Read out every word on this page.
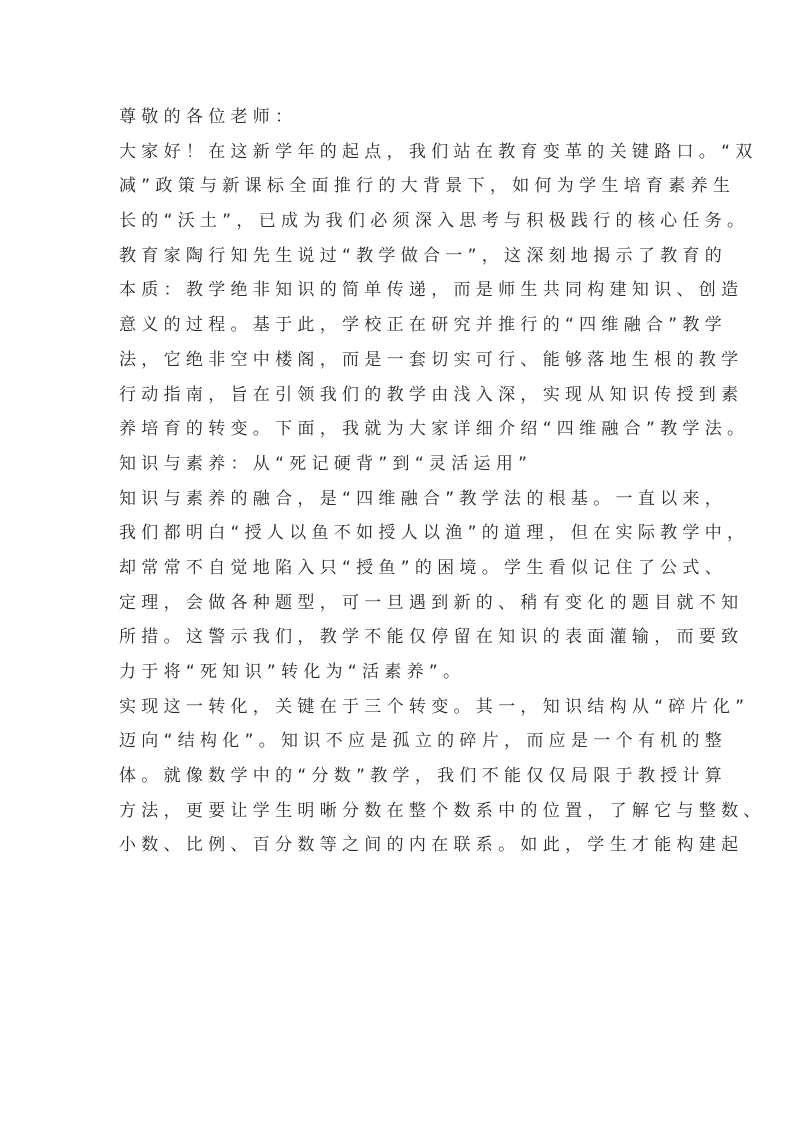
尊敬的各位老师：
大家好！在这新学年的起点，我们站在教育变革的关键路口。“双
减”政策与新课标全面推行的大背景下，如何为学生培育素养生
长的“沃土”，已成为我们必须深入思考与积极践行的核心任务。
教育家陶行知先生说过“教学做合一”，这深刻地揭示了教育的
本质：教学绝非知识的简单传递，而是师生共同构建知识、创造
意义的过程。基于此，学校正在研究并推行的“四维融合”教学
法，它绝非空中楼阁，而是一套切实可行、能够落地生根的教学
行动指南，旨在引领我们的教学由浅入深，实现从知识传授到素
养培育的转变。下面，我就为大家详细介绍“四维融合”教学法。
知识与素养：从“死记硬背”到“灵活运用”
知识与素养的融合，是“四维融合”教学法的根基。一直以来，
我们都明白“授人以鱼不如授人以渔”的道理，但在实际教学中，
却常常不自觉地陷入只“授鱼”的困境。学生看似记住了公式、
定理，会做各种题型，可一旦遇到新的、稍有变化的题目就不知
所措。这警示我们，教学不能仅停留在知识的表面灌输，而要致
力于将“死知识”转化为“活素养”。
实现这一转化，关键在于三个转变。其一，知识结构从“碎片化”
迈向“结构化”。知识不应是孤立的碎片，而应是一个有机的整
体。就像数学中的“分数”教学，我们不能仅仅局限于教授计算
方法，更要让学生明晰分数在整个数系中的位置，了解它与整数、
小数、比例、百分数等之间的内在联系。如此，学生才能构建起
